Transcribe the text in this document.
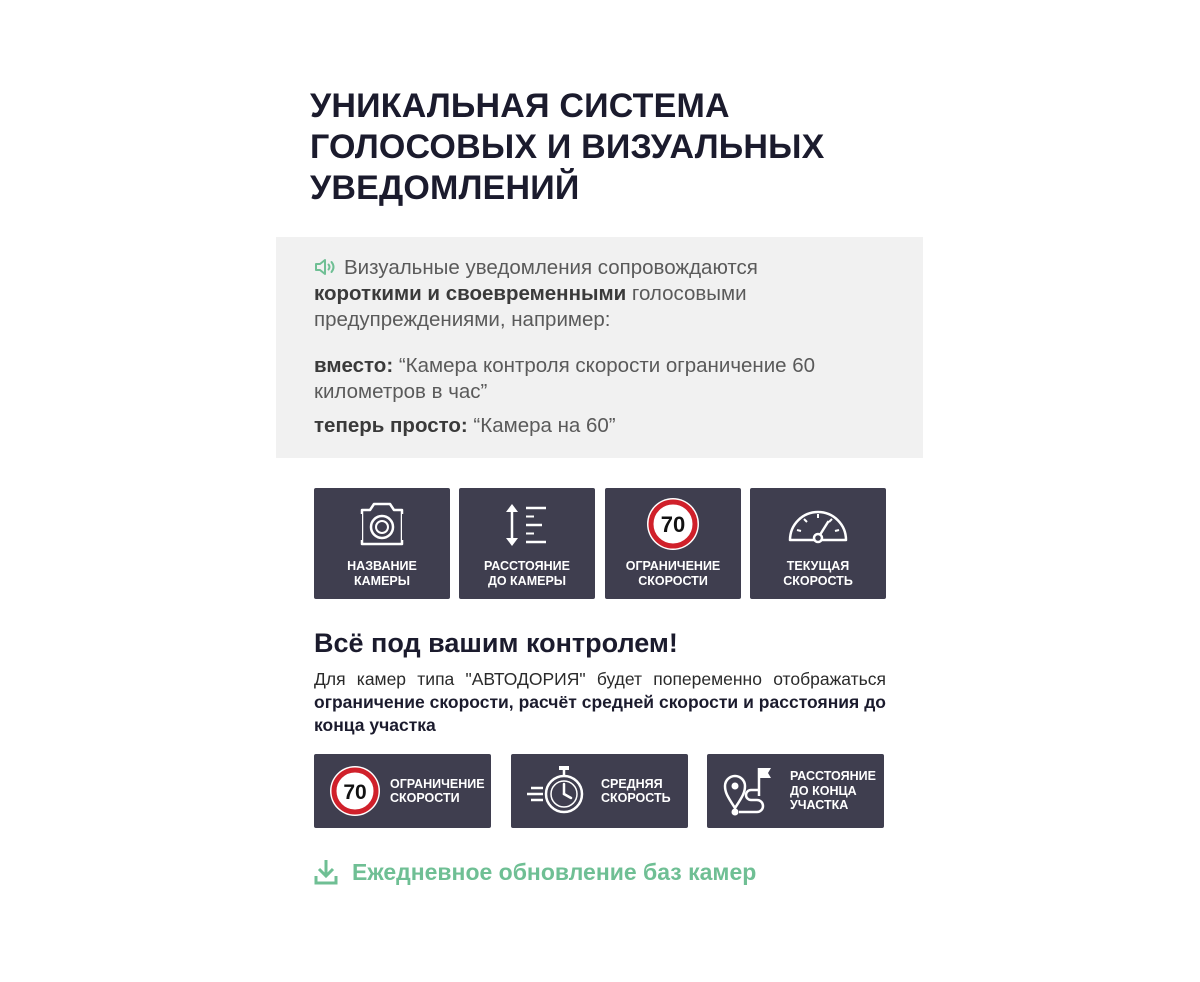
УНИКАЛЬНАЯ СИСТЕМА
ГОЛОСОВЫХ И ВИЗУАЛЬНЫХ
УВЕДОМЛЕНИЙ

Визуальные уведомления сопровождаются короткими и своевременными голосовыми предупреждениями, например:

вместо: “Камера контроля скорости ограничение 60 километров в час”

теперь просто: “Камера на 60”

НАЗВАНИЕ
КАМЕРЫ
РАССТОЯНИЕ
ДО КАМЕРЫ
70
ОГРАНИЧЕНИЕ
СКОРОСТИ
ТЕКУЩАЯ
СКОРОСТЬ
Всё под вашим контролем!

Для камер типа "АВТОДОРИЯ" будет попеременно отображаться ограничение скорости, расчёт средней скорости и расстояния до конца участка

70 ОГРАНИЧЕНИЕ
СКОРОСТИ
СРЕДНЯЯ
СКОРОСТЬ
РАССТОЯНИЕ
ДО КОНЦА
УЧАСТКА
Ежедневное обновление баз камер
